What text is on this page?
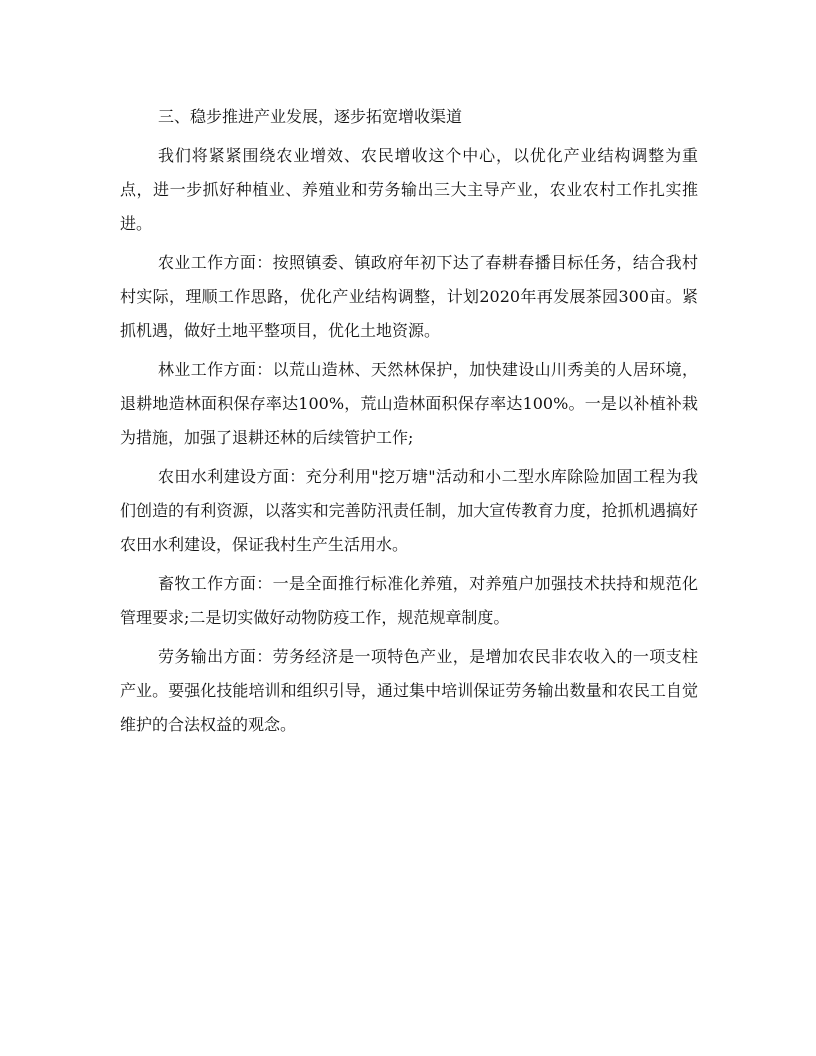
三、稳步推进产业发展，逐步拓宽增收渠道

我们将紧紧围绕农业增效、农民增收这个中心，以优化产业结构调整为重点，进一步抓好种植业、养殖业和劳务输出三大主导产业，农业农村工作扎实推进。

农业工作方面：按照镇委、镇政府年初下达了春耕春播目标任务，结合我村村实际，理顺工作思路，优化产业结构调整，计划2020年再发展茶园300亩。紧抓机遇，做好土地平整项目，优化土地资源。

林业工作方面：以荒山造林、天然林保护，加快建设山川秀美的人居环境，退耕地造林面积保存率达100%，荒山造林面积保存率达100%。一是以补植补栽为措施，加强了退耕还林的后续管护工作;

农田水利建设方面：充分利用"挖万塘"活动和小二型水库除险加固工程为我们创造的有利资源，以落实和完善防汛责任制，加大宣传教育力度，抢抓机遇搞好农田水利建设，保证我村生产生活用水。

畜牧工作方面：一是全面推行标准化养殖，对养殖户加强技术扶持和规范化管理要求;二是切实做好动物防疫工作，规范规章制度。

劳务输出方面：劳务经济是一项特色产业，是增加农民非农收入的一项支柱产业。要强化技能培训和组织引导，通过集中培训保证劳务输出数量和农民工自觉维护的合法权益的观念。
